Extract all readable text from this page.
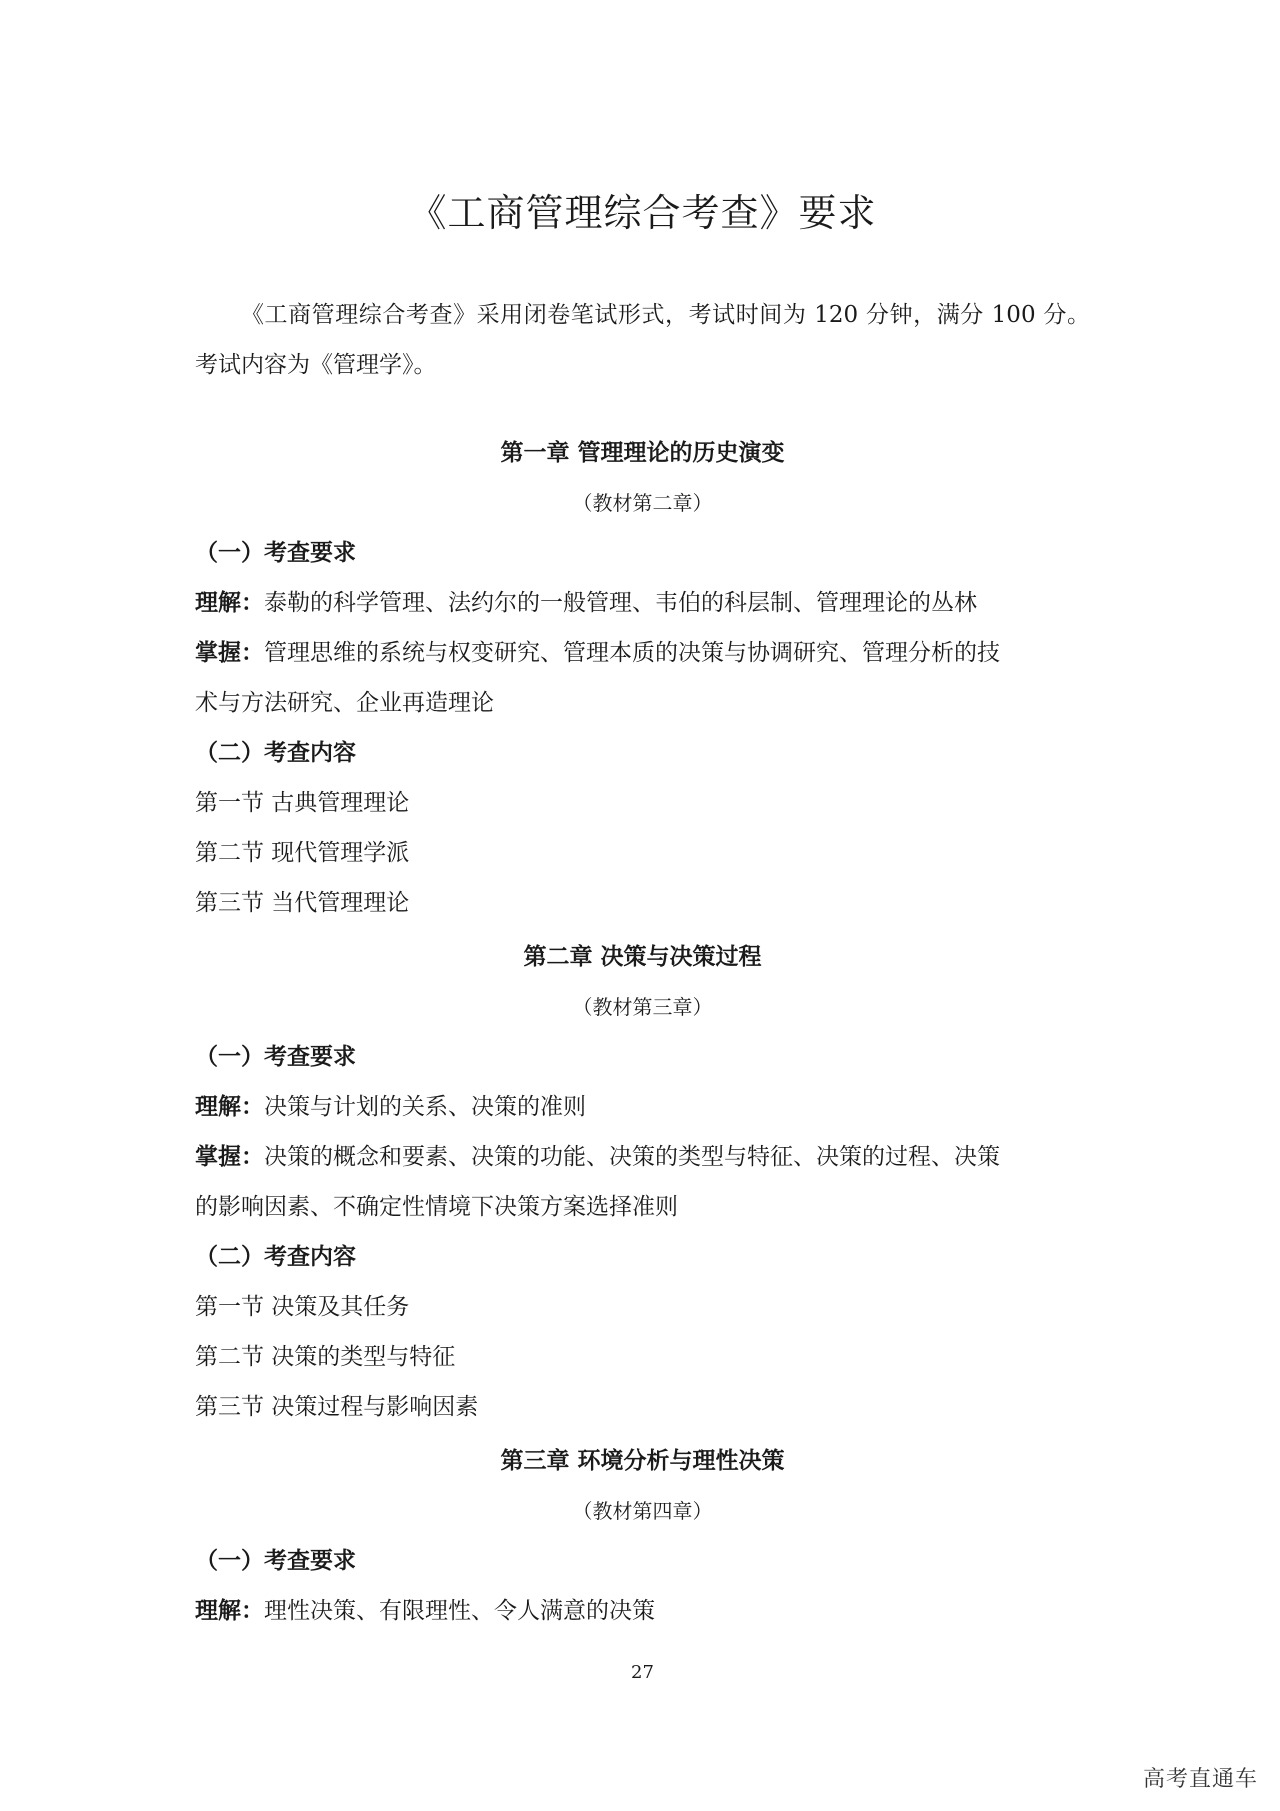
《工商管理综合考查》要求
《工商管理综合考查》采用闭卷笔试形式，考试时间为 120 分钟，满分 100 分。考试内容为《管理学》。
第一章 管理理论的历史演变
（教材第二章）
（一）考查要求
理解：泰勒的科学管理、法约尔的一般管理、韦伯的科层制、管理理论的丛林
掌握：管理思维的系统与权变研究、管理本质的决策与协调研究、管理分析的技
术与方法研究、企业再造理论
（二）考查内容
第一节 古典管理理论
第二节 现代管理学派
第三节 当代管理理论
第二章 决策与决策过程
（教材第三章）
（一）考查要求
理解：决策与计划的关系、决策的准则
掌握：决策的概念和要素、决策的功能、决策的类型与特征、决策的过程、决策
的影响因素、不确定性情境下决策方案选择准则
（二）考查内容
第一节 决策及其任务
第二节 决策的类型与特征
第三节 决策过程与影响因素
第三章 环境分析与理性决策
（教材第四章）
（一）考查要求
理解：理性决策、有限理性、令人满意的决策
27
高考直通车
